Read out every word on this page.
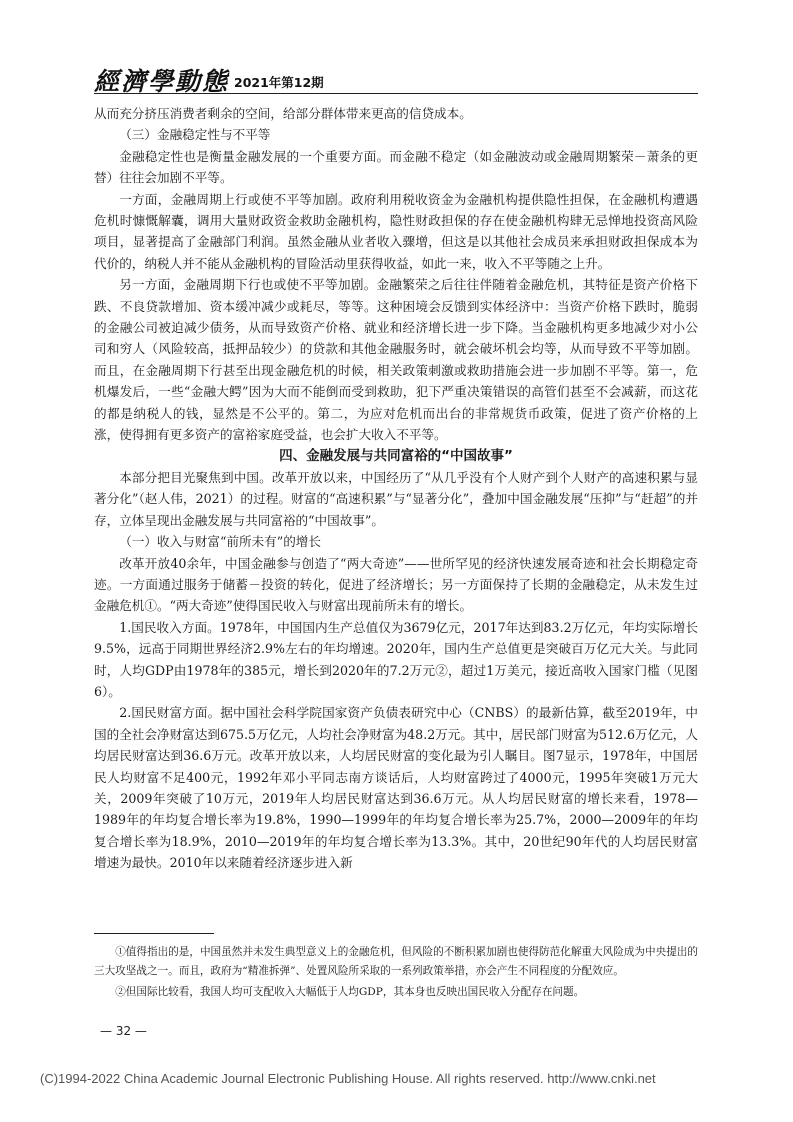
經濟學動態 2021年第12期

从而充分挤压消费者剩余的空间，给部分群体带来更高的信贷成本。

（三）金融稳定性与不平等

金融稳定性也是衡量金融发展的一个重要方面。而金融不稳定（如金融波动或金融周期繁荣－萧条的更替）往往会加剧不平等。

一方面，金融周期上行或使不平等加剧。政府利用税收资金为金融机构提供隐性担保，在金融机构遭遇危机时慷慨解囊，调用大量财政资金救助金融机构，隐性财政担保的存在使金融机构肆无忌惮地投资高风险项目，显著提高了金融部门利润。虽然金融从业者收入骤增，但这是以其他社会成员来承担财政担保成本为代价的，纳税人并不能从金融机构的冒险活动里获得收益，如此一来，收入不平等随之上升。

另一方面，金融周期下行也或使不平等加剧。金融繁荣之后往往伴随着金融危机，其特征是资产价格下跌、不良贷款增加、资本缓冲减少或耗尽，等等。这种困境会反馈到实体经济中：当资产价格下跌时，脆弱的金融公司被迫减少债务，从而导致资产价格、就业和经济增长进一步下降。当金融机构更多地减少对小公司和穷人（风险较高，抵押品较少）的贷款和其他金融服务时，就会破坏机会均等，从而导致不平等加剧。而且，在金融周期下行甚至出现金融危机的时候，相关政策刺激或救助措施会进一步加剧不平等。第一，危机爆发后，一些“金融大鳄”因为大而不能倒而受到救助，犯下严重决策错误的高管们甚至不会减薪，而这花的都是纳税人的钱，显然是不公平的。第二，为应对危机而出台的非常规货币政策，促进了资产价格的上涨，使得拥有更多资产的富裕家庭受益，也会扩大收入不平等。

四、金融发展与共同富裕的“中国故事”

本部分把目光聚焦到中国。改革开放以来，中国经历了“从几乎没有个人财产到个人财产的高速积累与显著分化”（赵人伟，2021）的过程。财富的“高速积累”与“显著分化”，叠加中国金融发展“压抑”与“赶超”的并存，立体呈现出金融发展与共同富裕的“中国故事”。

（一）收入与财富“前所未有”的增长

改革开放40余年，中国金融参与创造了“两大奇迹”——世所罕见的经济快速发展奇迹和社会长期稳定奇迹。一方面通过服务于储蓄－投资的转化，促进了经济增长；另一方面保持了长期的金融稳定，从未发生过金融危机①。“两大奇迹”使得国民收入与财富出现前所未有的增长。

1.国民收入方面。1978年，中国国内生产总值仅为3679亿元，2017年达到83.2万亿元，年均实际增长9.5%，远高于同期世界经济2.9%左右的年均增速。2020年，国内生产总值更是突破百万亿元大关。与此同时，人均GDP由1978年的385元，增长到2020年的7.2万元②，超过1万美元，接近高收入国家门槛（见图6）。

2.国民财富方面。据中国社会科学院国家资产负债表研究中心（CNBS）的最新估算，截至2019年，中国的全社会净财富达到675.5万亿元，人均社会净财富为48.2万元。其中，居民部门财富为512.6万亿元，人均居民财富达到36.6万元。改革开放以来，人均居民财富的变化最为引人瞩目。图7显示，1978年，中国居民人均财富不足400元，1992年邓小平同志南方谈话后，人均财富跨过了4000元，1995年突破1万元大关，2009年突破了10万元，2019年人均居民财富达到36.6万元。从人均居民财富的增长来看，1978—1989年的年均复合增长率为19.8%，1990—1999年的年均复合增长率为25.7%，2000—2009年的年均复合增长率为18.9%，2010—2019年的年均复合增长率为13.3%。其中，20世纪90年代的人均居民财富增速为最快。2010年以来随着经济逐步进入新

①值得指出的是，中国虽然并未发生典型意义上的金融危机，但风险的不断积累加剧也使得防范化解重大风险成为中央提出的三大攻坚战之一。而且，政府为“精准拆弹”、处置风险所采取的一系列政策举措，亦会产生不同程度的分配效应。

②但国际比较看，我国人均可支配收入大幅低于人均GDP，其本身也反映出国民收入分配存在问题。

— 32 —
(C)1994-2022 China Academic Journal Electronic Publishing House. All rights reserved. http://www.cnki.net
